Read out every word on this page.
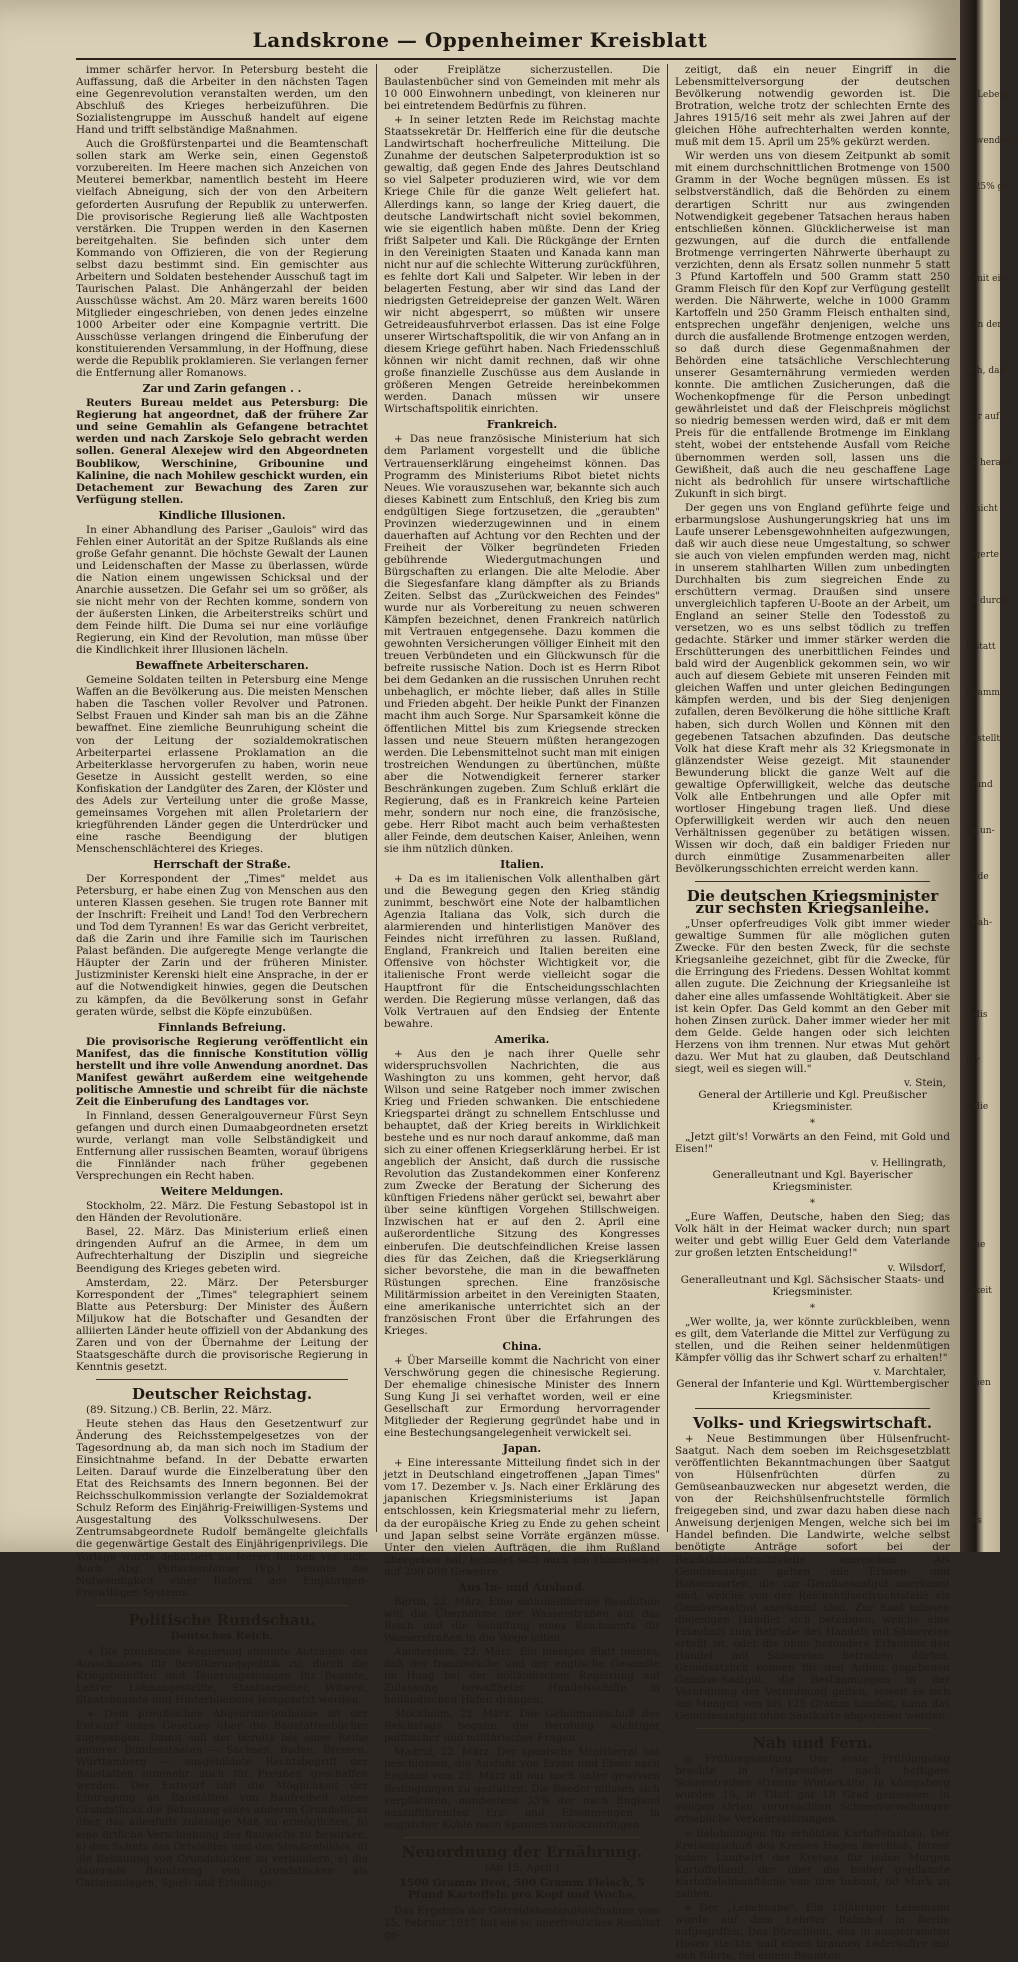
Landskrone — Oppenheimer Kreisblatt
immer schärfer hervor. In Petersburg besteht die Auffassung, daß die Arbeiter in den nächsten Tagen eine Gegenrevolution veranstalten werden, um den Abschluß des Krieges herbeizuführen. Die Sozialistengruppe im Ausschuß handelt auf eigene Hand und trifft selbständige Maßnahmen.
Auch die Großfürstenpartei und die Beamtenschaft sollen stark am Werke sein, einen Gegenstoß vorzubereiten. Im Heere machen sich Anzeichen von Meuterei bemerkbar, namentlich besteht im Heere vielfach Abneigung, sich der von den Arbeitern geforderten Ausrufung der Republik zu unterwerfen. Die provisorische Regierung ließ alle Wachtposten verstärken. Die Truppen werden in den Kasernen bereitgehalten. Sie befinden sich unter dem Kommando von Offizieren, die von der Regierung selbst dazu bestimmt sind. Ein gemischter aus Arbeitern und Soldaten bestehender Ausschuß tagt im Taurischen Palast. Die Anhängerzahl der beiden Ausschüsse wächst. Am 20. März waren bereits 1600 Mitglieder eingeschrieben, von denen jedes einzelne 1000 Arbeiter oder eine Kompagnie vertritt. Die Ausschüsse verlangen dringend die Einberufung der konstituierenden Versammlung, in der Hoffnung, diese werde die Republik proklamieren. Sie verlangen ferner die Entfernung aller Romanows.
Zar und Zarin gefangen . .
Reuters Bureau meldet aus Petersburg: Die Regierung hat angeordnet, daß der frühere Zar und seine Gemahlin als Gefangene betrachtet werden und nach Zarskoje Selo gebracht werden sollen. General Alexejew wird den Abgeordneten Boublikow, Werschinine, Gribounine und Kalinine, die nach Mohilew geschickt wurden, ein Detachement zur Bewachung des Zaren zur Verfügung stellen.
Kindliche Illusionen.
In einer Abhandlung des Pariser „Gaulois" wird das Fehlen einer Autorität an der Spitze Rußlands als eine große Gefahr genannt. Die höchste Gewalt der Launen und Leidenschaften der Masse zu überlassen, würde die Nation einem ungewissen Schicksal und der Anarchie aussetzen. Die Gefahr sei um so größer, als sie nicht mehr von der Rechten komme, sondern von der äußersten Linken, die Arbeiterstreiks schürt und dem Feinde hilft. Die Duma sei nur eine vorläufige Regierung, ein Kind der Revolution, man müsse über die Kindlichkeit ihrer Illusionen lächeln.
Bewaffnete Arbeiterscharen.
Gemeine Soldaten teilten in Petersburg eine Menge Waffen an die Bevölkerung aus. Die meisten Menschen haben die Taschen voller Revolver und Patronen. Selbst Frauen und Kinder sah man bis an die Zähne bewaffnet. Eine ziemliche Beunruhigung scheint die von der Leitung der sozialdemokratischen Arbeiterpartei erlassene Proklamation an die Arbeiterklasse hervorgerufen zu haben, worin neue Gesetze in Aussicht gestellt werden, so eine Konfiskation der Landgüter des Zaren, der Klöster und des Adels zur Verteilung unter die große Masse, gemeinsames Vorgehen mit allen Proletariern der kriegführenden Länder gegen die Unterdrücker und eine rasche Beendigung der blutigen Menschenschlächterei des Krieges.
Herrschaft der Straße.
Der Korrespondent der „Times" meldet aus Petersburg, er habe einen Zug von Menschen aus den unteren Klassen gesehen. Sie trugen rote Banner mit der Inschrift: Freiheit und Land! Tod den Verbrechern und Tod dem Tyrannen! Es war das Gericht verbreitet, daß die Zarin und ihre Familie sich im Taurischen Palast befänden. Die aufgeregte Menge verlangte die Häupter der Zarin und der früheren Minister. Justizminister Kerenski hielt eine Ansprache, in der er auf die Notwendigkeit hinwies, gegen die Deutschen zu kämpfen, da die Bevölkerung sonst in Gefahr geraten würde, selbst die Köpfe einzubüßen.
Finnlands Befreiung.
Die provisorische Regierung veröffentlicht ein Manifest, das die finnische Konstitution völlig herstellt und ihre volle Anwendung anordnet. Das Manifest gewährt außerdem eine weitgehende politische Amnestie und schreibt für die nächste Zeit die Einberufung des Landtages vor.
In Finnland, dessen Generalgouverneur Fürst Seyn gefangen und durch einen Dumaabgeordneten ersetzt wurde, verlangt man volle Selbständigkeit und Entfernung aller russischen Beamten, worauf übrigens die Finnländer nach früher gegebenen Versprechungen ein Recht haben.
Weitere Meldungen.
Stockholm, 22. März. Die Festung Sebastopol ist in den Händen der Revolutionäre.
Basel, 22. März. Das Ministerium erließ einen dringenden Aufruf an die Armee, in dem um Aufrechterhaltung der Disziplin und siegreiche Beendigung des Krieges gebeten wird.
Amsterdam, 22. März. Der Petersburger Korrespondent der „Times" telegraphiert seinem Blatte aus Petersburg: Der Minister des Äußern Miljukow hat die Botschafter und Gesandten der alliierten Länder heute offiziell von der Abdankung des Zaren und von der Übernahme der Leitung der Staatsgeschäfte durch die provisorische Regierung in Kenntnis gesetzt.
Deutscher Reichstag.
(89. Sitzung.) CB. Berlin, 22. März.
Heute stehen das Haus den Gesetzentwurf zur Änderung des Reichsstempelgesetzes von der Tagesordnung ab, da man sich noch im Stadium der Einsichtnahme befand. In der Debatte erwarten Leiten. Darauf wurde die Einzelberatung über den Etat des Reichsamts des Innern begonnen. Bei der Reichsschulkommission verlangte der Sozialdemokrat Schulz Reform des Einjährig-Freiwilligen-Systems und Ausgestaltung des Volksschulwesens. Der Zentrumsabgeordnete Rudolf bemängelte gleichfalls die gegenwärtige Gestalt des Einjährigenprivilegs. Die Vorlage wurde debattiert zu leeren Bänken vor sich. Auch Abg. Peitschenfeiner (Vp.) betonte die Notwendigkeit einer Reform des Einjährigen-Freiwilligen-Systems.
Politische Rundschau.
Deutsches Reich.
+ Die preußische Regierung stimmte Anträgen des Ausschusses für Bevölkerungspolitik zu, durch die Kriegsbeihilfen und Teuerungszulagen für Beamte, Lehrer, Lohnangestellte, Staatsarbeiter, Witwen, Staatsbeamte und Hinterbliebene festgesetzt werden.
+ Dem preußischen Abgeordnetenhause ist der Entwurf eines Gesetzes über die Baustattenbücher zugegangen. Damit soll der bereits bei einer Reihe anderer Bundesstaaten — Sachsen, Baden, Bremen, Württemberg — ausgebildete Rechtsbegriff der Baustatten nunmehr auch für Preußen geschaffen werden. Der Entwurf hält die Möglichkeit der Eintragung an Baustätten von Baufreiheit eines Grundstücks die Bebauung eines anderen Grundstücks über das allenfalls zulässige Maß zu ermöglichen, b) eine örtliche Verschiebung des Bauwichs zu bewirken, c) den Schutz des Ortsbildes und des Straßenbildes, d) die Bebauung von Grundstücken zu verhindern, e) die dauernde Benutzung von Grundstücken als Gartenanlagen, Spiel- und Erholungs-
oder Freiplätze sicherzustellen. Die Baulastenbücher sind von Gemeinden mit mehr als 10 000 Einwohnern unbedingt, von kleineren nur bei eintretendem Bedürfnis zu führen.
+ In seiner letzten Rede im Reichstag machte Staatssekretär Dr. Helfferich eine für die deutsche Landwirtschaft hocherfreuliche Mitteilung. Die Zunahme der deutschen Salpeterproduktion ist so gewaltig, daß gegen Ende des Jahres Deutschland so viel Salpeter produzieren wird, wie vor dem Kriege Chile für die ganze Welt geliefert hat. Allerdings kann, so lange der Krieg dauert, die deutsche Landwirtschaft nicht soviel bekommen, wie sie eigentlich haben müßte. Denn der Krieg frißt Salpeter und Kali. Die Rückgänge der Ernten in den Vereinigten Staaten und Kanada kann man nicht nur auf die schlechte Witterung zurückführen, es fehlte dort Kali und Salpeter. Wir leben in der belagerten Festung, aber wir sind das Land der niedrigsten Getreidepreise der ganzen Welt. Wären wir nicht abgesperrt, so müßten wir unsere Getreideausfuhrverbot erlassen. Das ist eine Folge unserer Wirtschaftspolitik, die wir von Anfang an in diesem Kriege geführt haben. Nach Friedensschluß können wir nicht damit rechnen, daß wir ohne große finanzielle Zuschüsse aus dem Auslande in größeren Mengen Getreide hereinbekommen werden. Danach müssen wir unsere Wirtschaftspolitik einrichten.
Frankreich.
+ Das neue französische Ministerium hat sich dem Parlament vorgestellt und die übliche Vertrauenserklärung eingeheimst können. Das Programm des Ministeriums Ribot bietet nichts Neues. Wie vorauszusehen war, bekannte sich auch dieses Kabinett zum Entschluß, den Krieg bis zum endgültigen Siege fortzusetzen, die „geraubten" Provinzen wiederzugewinnen und in einem dauerhaften auf Achtung vor den Rechten und der Freiheit der Völker begründeten Frieden gebührende Wiedergutmachungen und Bürgschaften zu erlangen. Die alte Melodie. Aber die Siegesfanfare klang dämpfter als zu Briands Zeiten. Selbst das „Zurückweichen des Feindes" wurde nur als Vorbereitung zu neuen schweren Kämpfen bezeichnet, denen Frankreich natürlich mit Vertrauen entgegensehe. Dazu kommen die gewohnten Versicherungen völliger Einheit mit den treuen Verbündeten und ein Glückwunsch für die befreite russische Nation. Doch ist es Herrn Ribot bei dem Gedanken an die russischen Unruhen recht unbehaglich, er möchte lieber, daß alles in Stille und Frieden abgeht. Der heikle Punkt der Finanzen macht ihm auch Sorge. Nur Sparsamkeit könne die öffentlichen Mittel bis zum Kriegsende strecken lassen und neue Steuern müßten herangezogen werden. Die Lebensmittelnot sucht man mit einigen trostreichen Wendungen zu übertünchen, müßte aber die Notwendigkeit fernerer starker Beschränkungen zugeben. Zum Schluß erklärt die Regierung, daß es in Frankreich keine Parteien mehr, sondern nur noch eine, die französische, gebe. Herr Ribot macht auch beim verhaßtesten aller Feinde, dem deutschen Kaiser, Anleihen, wenn sie ihm nützlich dünken.
Italien.
+ Da es im italienischen Volk allenthalben gärt und die Bewegung gegen den Krieg ständig zunimmt, beschwört eine Note der halbamtlichen Agenzia Italiana das Volk, sich durch die alarmierenden und hinterlistigen Manöver des Feindes nicht irreführen zu lassen. Rußland, England, Frankreich und Italien bereiten eine Offensive von höchster Wichtigkeit vor, die italienische Front werde vielleicht sogar die Hauptfront für die Entscheidungsschlachten werden. Die Regierung müsse verlangen, daß das Volk Vertrauen auf den Endsieg der Entente bewahre.
Amerika.
+ Aus den je nach ihrer Quelle sehr widerspruchsvollen Nachrichten, die aus Washington zu uns kommen, geht hervor, daß Wilson und seine Ratgeber noch immer zwischen Krieg und Frieden schwanken. Die entschiedene Kriegspartei drängt zu schnellem Entschlusse und behauptet, daß der Krieg bereits in Wirklichkeit bestehe und es nur noch darauf ankomme, daß man sich zu einer offenen Kriegserklärung herbei. Er ist angeblich der Ansicht, daß durch die russische Revolution das Zustandekommen einer Konferenz zum Zwecke der Beratung der Sicherung des künftigen Friedens näher gerückt sei, bewahrt aber über seine künftigen Vorgehen Stillschweigen. Inzwischen hat er auf den 2. April eine außerordentliche Sitzung des Kongresses einberufen. Die deutschfeindlichen Kreise lassen dies für das Zeichen, daß die Kriegserklärung sicher bevorstehe, die man in die bewaffneten Rüstungen sprechen. Eine französische Militärmission arbeitet in den Vereinigten Staaten, eine amerikanische unterrichtet sich an der französischen Front über die Erfahrungen des Krieges.
China.
+ Über Marseille kommt die Nachricht von einer Verschwörung gegen die chinesische Regierung. Der ehemalige chinesische Minister des Innern Sung Kung Ji sei verhaftet worden, weil er eine Gesellschaft zur Ermordung hervorragender Mitglieder der Regierung gegründet habe und in eine Bestechungsangelegenheit verwickelt sei.
Japan.
+ Eine interessante Mitteilung findet sich in der jetzt in Deutschland eingetroffenen „Japan Times" vom 17. Dezember v. Js. Nach einer Erklärung des japanischen Kriegsministeriums ist Japan entschlossen, kein Kriegsmaterial mehr zu liefern, da der europäische Krieg zu Ende zu gehen scheint und Japan selbst seine Vorräte ergänzen müsse. Unter den vielen Aufträgen, die ihm Rußland übergeben hat, befindet sich auch ein chinesischer auf 200 000 Gewehre.
Aus In- und Ausland.
Berlin, 22. März. Eine nationalliberale Resolution will die Übernahme der Wasserstraßen auf das Reich und die Schaffung eines Reichsamts für Wasserstraßen in die Wege leiten.
Amsterdam, 22. März. Ein hiesiges Blatt meldet, daß der französische und der englische Gesandte im Haag bei der holländischen Regierung auf Zulassung bewaffneter Handelsschiffe in holländischen Häfen drängen.
Stockholm, 22. März. Der Geheimausschuß des Reichstags begann die Beratung wichtiger politischer und militärischer Fragen.
Madrid, 22. März. Der spanische Ministerrat hat beschlossen, die Ausfuhr von Erzen und Eisen nach England vom 25. März ab nur noch unter gewissen Bedingungen zu gestatten. Die Reeder müssen sich verpflichten, mindestens 33% der nach England auszuführenden Erz- und Eisenmengen in englischer Kohle nach Spanien zurückzubringen.
Neuordnung der Ernährung.
(Ab 15. April.)
1500 Gramm Brot, 500 Gramm Fleisch, 5 Pfund Kartoffeln pro Kopf und Woche.
Das Ergebnis der Getreidebestandsaufnahme vom 15. Februar 1917 hat ein so unerfreuliches Resultat ge-
zeitigt, daß ein neuer Eingriff in die Lebensmittelversorgung der deutschen Bevölkerung notwendig geworden ist. Die Brotration, welche trotz der schlechten Ernte des Jahres 1915/16 seit mehr als zwei Jahren auf der gleichen Höhe aufrechterhalten werden konnte, muß mit dem 15. April um 25% gekürzt werden.
Wir werden uns von diesem Zeitpunkt ab somit mit einem durchschnittlichen Brotmenge von 1500 Gramm in der Woche begnügen müssen. Es ist selbstverständlich, daß die Behörden zu einem derartigen Schritt nur aus zwingenden Notwendigkeit gegebener Tatsachen heraus haben entschließen können. Glücklicherweise ist man gezwungen, auf die durch die entfallende Brotmenge verringerten Nährwerte überhaupt zu verzichten, denn als Ersatz sollen nunmehr 5 statt 3 Pfund Kartoffeln und 500 Gramm statt 250 Gramm Fleisch für den Kopf zur Verfügung gestellt werden. Die Nährwerte, welche in 1000 Gramm Kartoffeln und 250 Gramm Fleisch enthalten sind, entsprechen ungefähr denjenigen, welche uns durch die ausfallende Brotmenge entzogen werden, so daß durch diese Gegenmaßnahmen der Behörden eine tatsächliche Verschlechterung unserer Gesamternährung vermieden werden konnte. Die amtlichen Zusicherungen, daß die Wochenkopfmenge für die Person unbedingt gewährleistet und daß der Fleischpreis möglichst so niedrig bemessen werden wird, daß er mit dem Preis für die entfallende Brotmenge im Einklang steht, wobei der entstehende Ausfall vom Reiche übernommen werden soll, lassen uns die Gewißheit, daß auch die neu geschaffene Lage nicht als bedrohlich für unsere wirtschaftliche Zukunft in sich birgt.
Der gegen uns von England geführte feige und erbarmungslose Aushungerungskrieg hat uns im Laufe unserer Lebensgewohnheiten aufgezwungen, daß wir auch diese neue Umgestaltung, so schwer sie auch von vielen empfunden werden mag, nicht in unserem stahlharten Willen zum unbedingten Durchhalten bis zum siegreichen Ende zu erschüttern vermag. Draußen sind unsere unvergleichlich tapferen U-Boote an der Arbeit, um England an seiner Stelle den Todesstoß zu versetzen, wo es uns selbst tödlich zu treffen gedachte. Stärker und immer stärker werden die Erschütterungen des unerbittlichen Feindes und bald wird der Augenblick gekommen sein, wo wir auch auf diesem Gebiete mit unseren Feinden mit gleichen Waffen und unter gleichen Bedingungen kämpfen werden, und bis der Sieg denjenigen zufallen, deren Bevölkerung die höhe sittliche Kraft haben, sich durch Wollen und Können mit den gegebenen Tatsachen abzufinden. Das deutsche Volk hat diese Kraft mehr als 32 Kriegsmonate in glänzendster Weise gezeigt. Mit staunender Bewunderung blickt die ganze Welt auf die gewaltige Opferwilligkeit, welche das deutsche Volk alle Entbehrungen und alle Opfer mit wortloser Hingebung tragen ließ. Und diese Opferwilligkeit werden wir auch den neuen Verhältnissen gegenüber zu betätigen wissen. Wissen wir doch, daß ein baldiger Frieden nur durch einmütige Zusammenarbeiten aller Bevölkerungsschichten erreicht werden kann.
Die deutschen Kriegsminister zur sechsten Kriegsanleihe.
„Unser opferfreudiges Volk gibt immer wieder gewaltige Summen für alle möglichen guten Zwecke. Für den besten Zweck, für die sechste Kriegsanleihe gezeichnet, gibt für die Zwecke, für die Erringung des Friedens. Dessen Wohltat kommt allen zugute. Die Zeichnung der Kriegsanleihe ist daher eine alles umfassende Wohltätigkeit. Aber sie ist kein Opfer. Das Geld kommt an den Geber mit hohen Zinsen zurück. Daher immer wieder her mit dem Gelde. Gelde hangen oder sich leichten Herzens von ihm trennen. Nur etwas Mut gehört dazu. Wer Mut hat zu glauben, daß Deutschland siegt, weil es siegen will."
v. Stein,
General der Artillerie und Kgl. Preußischer Kriegsminister.
*
„Jetzt gilt's! Vorwärts an den Feind, mit Gold und Eisen!"
v. Hellingrath,
Generalleutnant und Kgl. Bayerischer Kriegsminister.
*
„Eure Waffen, Deutsche, haben den Sieg; das Volk hält in der Heimat wacker durch; nun spart weiter und gebt willig Euer Geld dem Vaterlande zur großen letzten Entscheidung!"
v. Wilsdorf,
Generalleutnant und Kgl. Sächsischer Staats- und Kriegsminister.
*
„Wer wollte, ja, wer könnte zurückbleiben, wenn es gilt, dem Vaterlande die Mittel zur Verfügung zu stellen, und die Reihen seiner heldenmütigen Kämpfer völlig das ihr Schwert scharf zu erhalten!"
v. Marchtaler,
General der Infanterie und Kgl. Württembergischer Kriegsminister.
Volks- und Kriegswirtschaft.
+ Neue Bestimmungen über Hülsenfrucht-Saatgut. Nach dem soeben im Reichsgesetzblatt veröffentlichten Bekanntmachungen über Saatgut von Hülsenfrüchten dürfen zu Gemüseanbauzwecken nur abgesetzt werden, die von der Reichshülsenfruchtstelle förmlich freigegeben sind, und zwar dazu haben diese nach Anweisung derjenigen Mengen, welche sich bei im Handel befinden. Die Landwirte, welche selbst benötigte Anträge sofort bei der Reichshülsenfruchtstelle einreichen. Als Gemüsesaatgut gelten alle Erbsen- und Bohnensorten, die zur Gemüsesaatgut anerkannt sind, welche von der Reichshülsenfruchtstelle als Gemüsesaatgut anerkannt sind. Zur Saat müssen diejenigen Händler sich beteiligen, welche eine Erlaubnis zum Betriebe des Handels mit Sämereien erteilt ist, oder die ohne besondere Erlaubnis den Handel mit Sämereien betreiben dürfen. Grundsätzlich können für den Anbau gegebenen Gemüse-Saatgut die Bestimmungen in der Verordnung der Verordnung gelten, soweit es sich um Mengen von bis 125 Gramm handelt, kann das Gemüsesaatgut ohne Saatkarte abgegeben werden.
Nah und Fern.
o Frühlingsanfang. Der erste Frühlingstag brachte in Ostpreußen nach heftigem Schneetreiben strenge Winterkälte. In Königsberg wurden 15, in Tilsit gar 18 Grad gemessen. In einigen Orten verursachten Schneeverwehungen erhebliche Verkehrsstörungen.
o Belohnungen für erhöhten Kartoffelanbau. Der Kreisausschuß des Kreises Hagen beschloß, ferner jedem Landwirt des Kreises für jeden Morgen Kartoffelland, der über die bisher gepflanzte Kartoffelanbaufläche von ihm bebaut, 60 Mark zu zahlen.
o Der „Lebeknabe". Ein 15jähriger Lebemann wurde auf dem Lehrter Bahnhof in Berlin aufgegriffen. Das Bürschlein, das in ausgefransten Hosen steckte und einen braunen Lederkoffer mit sich führte, fiel einem Beamten
ie Lebens
erwendung
n 25% ge
a mit ein
n in der
lich, daß
nur auf
en heraus
n nicht
ingerte
ne durch
b statt
Gramm
gestellt
Pfund
en un-
nnde
ßnah-
e dis
für
e die
eine
igkeit
ichen
abs
